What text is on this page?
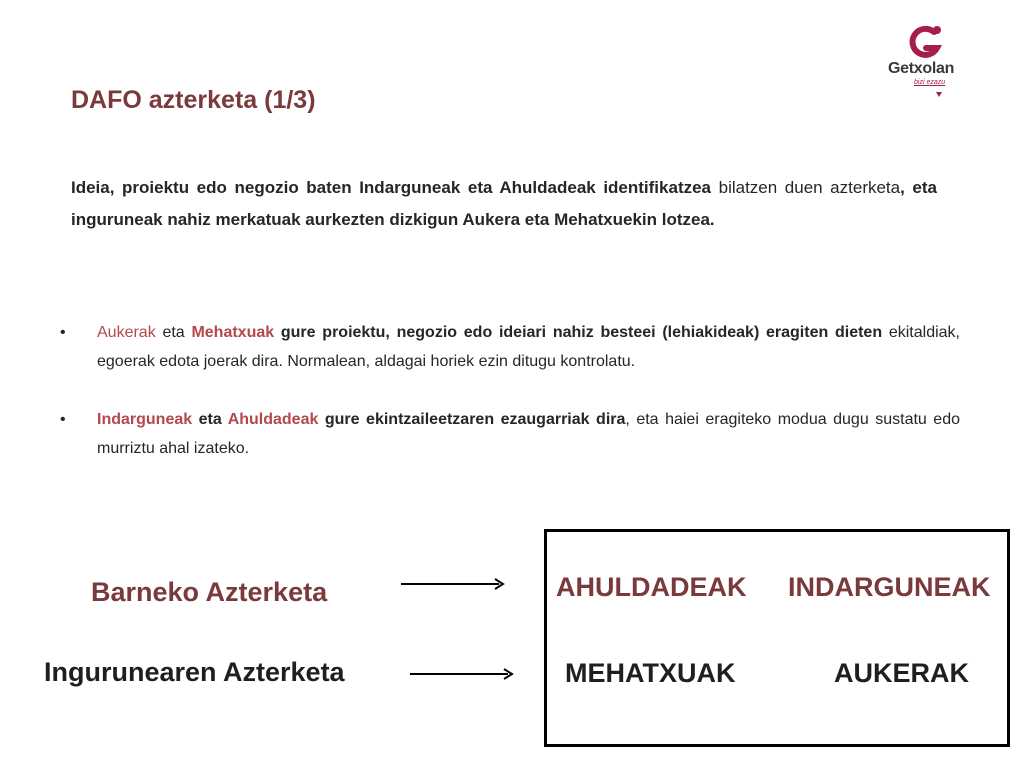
Getxolan
bizi ezazu
DAFO azterketa (1/3)
Ideia, proiektu edo negozio baten Indarguneak eta Ahuldadeak identifikatzea bilatzen duen azterketa, eta inguruneak nahiz merkatuak aurkezten dizkigun Aukera eta Mehatxuekin lotzea.
• Aukerak eta Mehatxuak gure proiektu, negozio edo ideiari nahiz besteei (lehiakideak) eragiten dieten ekitaldiak, egoerak edota joerak dira. Normalean, aldagai horiek ezin ditugu kontrolatu.
• Indarguneak eta Ahuldadeak gure ekintzaileetzaren ezaugarriak dira, eta haiei eragiteko modua dugu sustatu edo murriztu ahal izateko.
Barneko Azterketa
Ingurunearen Azterketa
AHULDADEAK INDARGUNEAK
MEHATXUAK	AUKERAK
